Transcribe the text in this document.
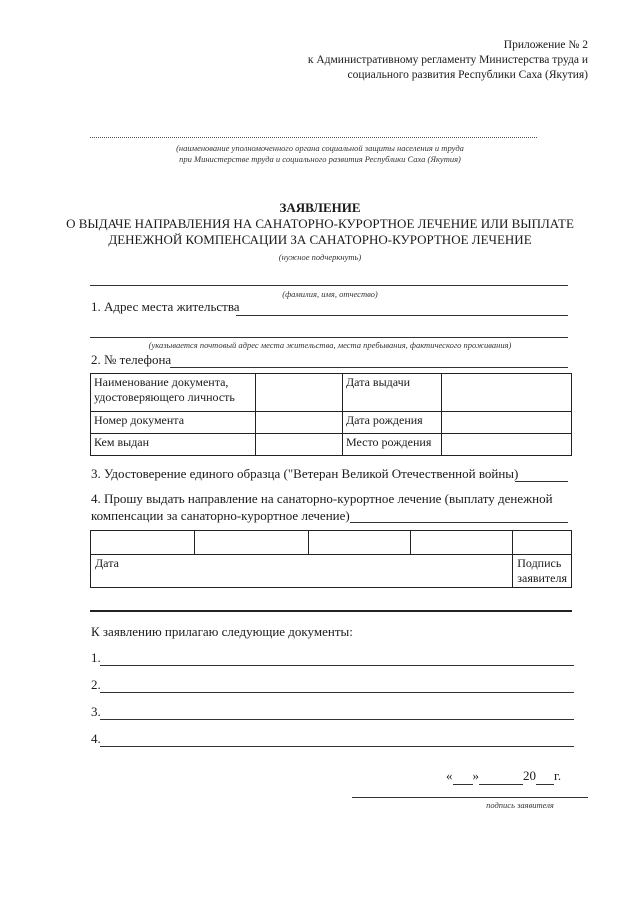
Приложение № 2
к Административному регламенту Министерства труда и
социального развития Республики Саха (Якутия)
(наименование уполномоченного органа социальной защиты населения и труда
при Министерстве труда и социального развития Республики Саха (Якутия)
ЗАЯВЛЕНИЕ
О ВЫДАЧЕ НАПРАВЛЕНИЯ НА САНАТОРНО-КУРОРТНОЕ ЛЕЧЕНИЕ ИЛИ ВЫПЛАТЕ
ДЕНЕЖНОЙ КОМПЕНСАЦИИ ЗА САНАТОРНО-КУРОРТНОЕ ЛЕЧЕНИЕ
(нужное подчеркнуть)
(фамилия, имя, отчество)
1. Адрес места жительства
(указывается почтовый адрес места жительства, места пребывания, фактического проживания)
2. № телефона
Наименование документа, удостоверяющего личность		Дата выдачи	
Номер документа		Дата рождения	
Кем выдан		Место рождения	
3. Удостоверение единого образца ("Ветеран Великой Отечественной войны)
4. Прошу выдать направление на санаторно-курортное лечение (выплату денежной
компенсации за санаторно-курортное лечение)

Дата				Подпись заявителя
К заявлению прилагаю следующие документы:
1.
2.
3.
4.
« »	20 г.
подпись заявителя
